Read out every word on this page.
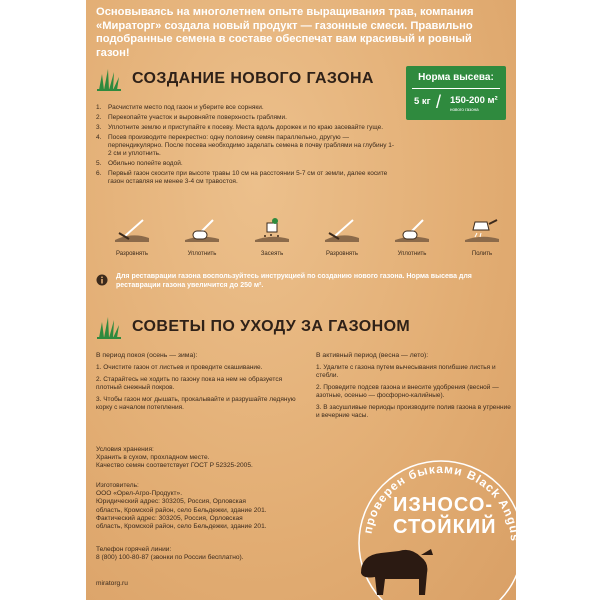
Основываясь на многолетнем опыте выращивания трав, компания «Мираторг» создала новый продукт — газонные смеси. Правильно подобранные семена в составе обеспечат вам красивый и ровный газон!
СОЗДАНИЕ НОВОГО ГАЗОНА	Норма высева:
5 кг / 150-200 м²
нового газона
1. Расчистите место под газон и уберите все сорняки.
2. Перекопайте участок и выровняйте поверхность граблями.
3. Уплотните землю и приступайте к посеву. Места вдоль дорожек и по краю засевайте гуще.
4. Посев производите перекрестно: одну половину семян параллельно, другую — перпендикулярно. После посева необходимо заделать семена в почву граблями на глубину 1-2 см и уплотнить.
5. Обильно полейте водой.
6. Первый газон скосите при высоте травы 10 см на расстоянии 5-7 см от земли, далее косите газон оставляя не менее 3-4 см травостоя.
Разровнять	Уплотнить	Засеять	Разровнять	Уплотнить	Полить
Для реставрации газона воспользуйтесь инструкцией по созданию нового газона. Норма высева для реставрации газона увеличится до 250 м².
СОВЕТЫ ПО УХОДУ ЗА ГАЗОНОМ
В период покоя (осень — зима):
1. Очистите газон от листьев и проведите скашивание.
2. Старайтесь не ходить по газону пока на нем не образуется плотный снежный покров.
3. Чтобы газон мог дышать, прокалывайте и разрушайте ледяную корку с началом потепления.
В активный период (весна — лето):
1. Удалите с газона путем вычесывания погибшие листья и стебли.
2. Проведите подсев газона и внесите удобрения (весной — азотные, осенью — фосфорно-калийные).
3. В засушливые периоды производите полив газона в утренние и вечерние часы.
Условия хранения:
Хранить в сухом, прохладном месте.
Качество семян соответствует ГОСТ Р 52325-2005.
Изготовитель:
ООО «Орел-Агро-Продукт».
Юридический адрес: 303205, Россия, Орловская
область, Кромской район, село Бельдежки, здание 201.
Фактический адрес: 303205, Россия, Орловская
область, Кромской район, село Бельдежки, здание 201.
Телефон горячей линии:
8 (800) 100-80-87 (звонки по России бесплатно).
miratorg.ru
проверен быками Black Angus
ИЗНОСО-
СТОЙКИЙ
